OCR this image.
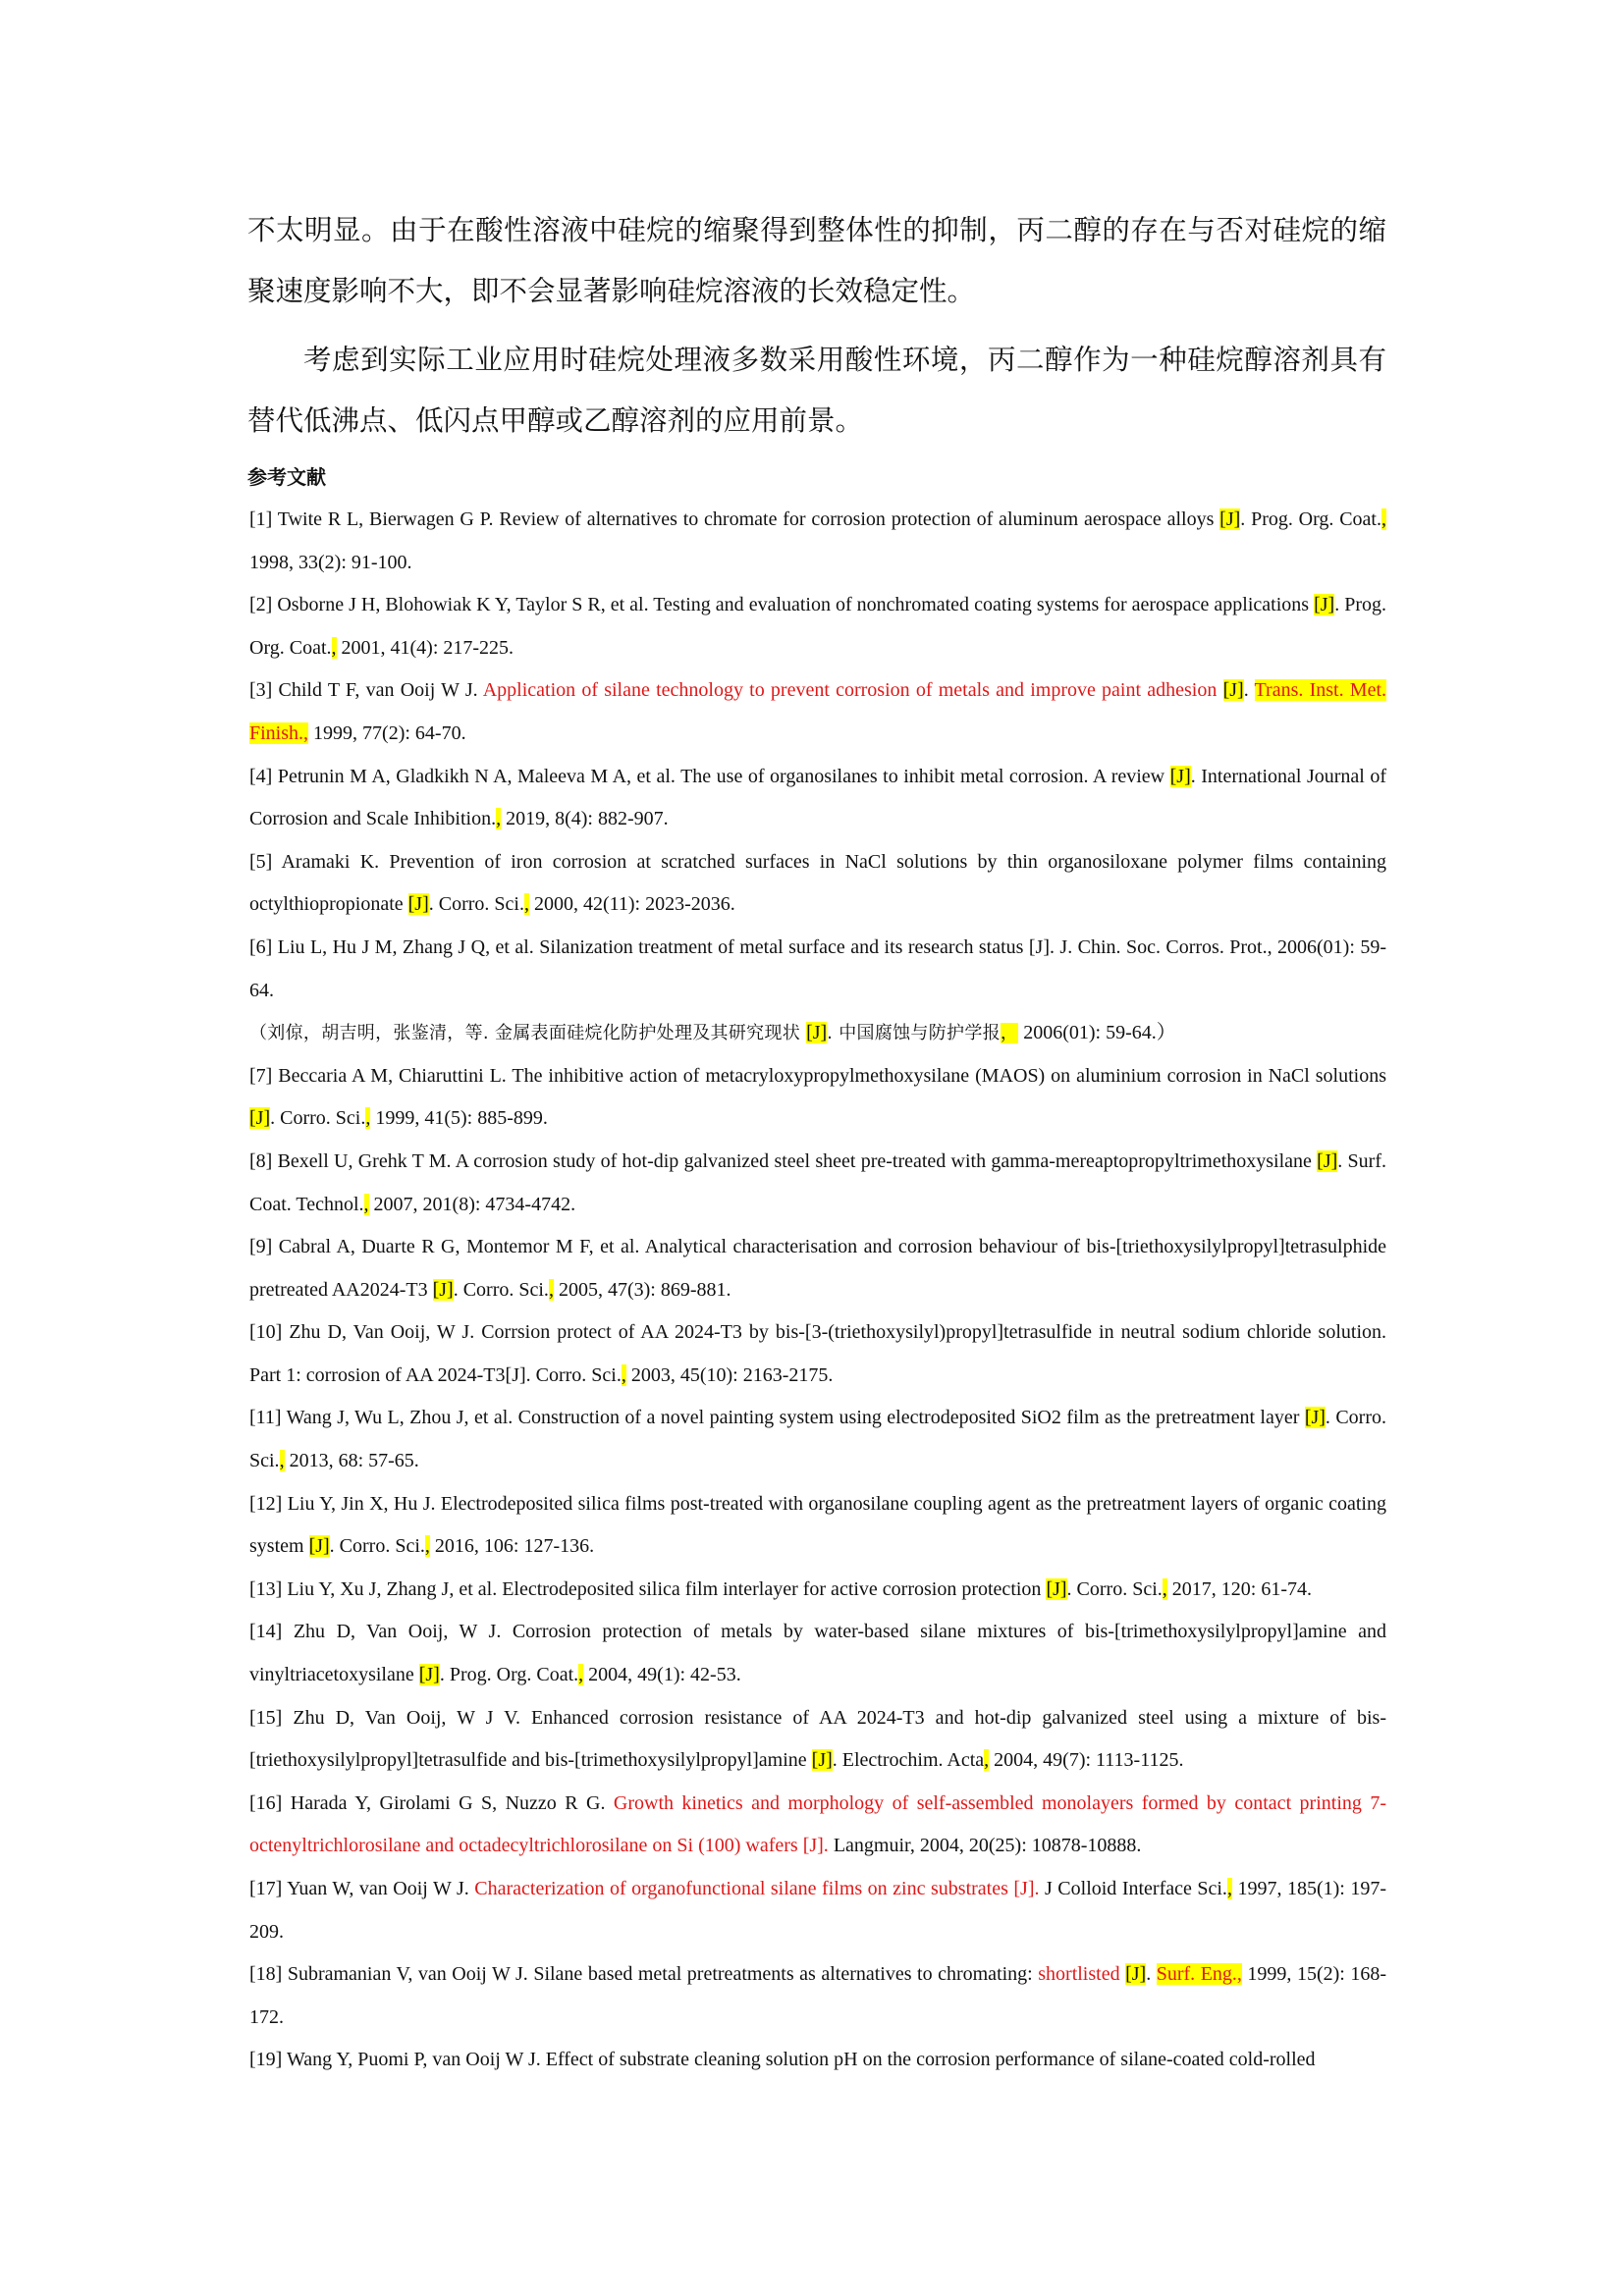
不太明显。由于在酸性溶液中硅烷的缩聚得到整体性的抑制，丙二醇的存在与否对硅烷的缩聚速度影响不大，即不会显著影响硅烷溶液的长效稳定性。

考虑到实际工业应用时硅烷处理液多数采用酸性环境，丙二醇作为一种硅烷醇溶剂具有替代低沸点、低闪点甲醇或乙醇溶剂的应用前景。

参考文献

[1] Twite R L, Bierwagen G P. Review of alternatives to chromate for corrosion protection of aluminum aerospace alloys [J]. Prog. Org. Coat., 1998, 33(2): 91-100.

[2] Osborne J H, Blohowiak K Y, Taylor S R, et al. Testing and evaluation of nonchromated coating systems for aerospace applications [J]. Prog. Org. Coat., 2001, 41(4): 217-225.

[3] Child T F, van Ooij W J. Application of silane technology to prevent corrosion of metals and improve paint adhesion [J]. Trans. Inst. Met. Finish., 1999, 77(2): 64-70.

[4] Petrunin M A, Gladkikh N A, Maleeva M A, et al. The use of organosilanes to inhibit metal corrosion. A review [J]. International Journal of Corrosion and Scale Inhibition., 2019, 8(4): 882-907.

[5] Aramaki K. Prevention of iron corrosion at scratched surfaces in NaCl solutions by thin organosiloxane polymer films containing octylthiopropionate [J]. Corro. Sci., 2000, 42(11): 2023-2036.

[6] Liu L, Hu J M, Zhang J Q, et al. Silanization treatment of metal surface and its research status [J]. J. Chin. Soc. Corros. Prot., 2006(01): 59-64.

（刘倞，胡吉明，张鉴清，等. 金属表面硅烷化防护处理及其研究现状 [J]. 中国腐蚀与防护学报， 2006(01): 59-64.）

[7] Beccaria A M, Chiaruttini L. The inhibitive action of metacryloxypropylmethoxysilane (MAOS) on aluminium corrosion in NaCl solutions [J]. Corro. Sci., 1999, 41(5): 885-899.

[8] Bexell U, Grehk T M. A corrosion study of hot-dip galvanized steel sheet pre-treated with gamma-mereaptopropyltrimethoxysilane [J]. Surf. Coat. Technol., 2007, 201(8): 4734-4742.

[9] Cabral A, Duarte R G, Montemor M F, et al. Analytical characterisation and corrosion behaviour of bis-[triethoxysilylpropyl]tetrasulphide pretreated AA2024-T3 [J]. Corro. Sci., 2005, 47(3): 869-881.

[10] Zhu D, Van Ooij, W J. Corrsion protect of AA 2024-T3 by bis-[3-(triethoxysilyl)propyl]tetrasulfide in neutral sodium chloride solution. Part 1: corrosion of AA 2024-T3[J]. Corro. Sci., 2003, 45(10): 2163-2175.

[11] Wang J, Wu L, Zhou J, et al. Construction of a novel painting system using electrodeposited SiO2 film as the pretreatment layer [J]. Corro. Sci., 2013, 68: 57-65.

[12] Liu Y, Jin X, Hu J. Electrodeposited silica films post-treated with organosilane coupling agent as the pretreatment layers of organic coating system [J]. Corro. Sci., 2016, 106: 127-136.

[13] Liu Y, Xu J, Zhang J, et al. Electrodeposited silica film interlayer for active corrosion protection [J]. Corro. Sci., 2017, 120: 61-74.

[14] Zhu D, Van Ooij, W J. Corrosion protection of metals by water-based silane mixtures of bis-[trimethoxysilylpropyl]amine and vinyltriacetoxysilane [J]. Prog. Org. Coat., 2004, 49(1): 42-53.

[15] Zhu D, Van Ooij, W J V. Enhanced corrosion resistance of AA 2024-T3 and hot-dip galvanized steel using a mixture of bis-[triethoxysilylpropyl]tetrasulfide and bis-[trimethoxysilylpropyl]amine [J]. Electrochim. Acta, 2004, 49(7): 1113-1125.

[16] Harada Y, Girolami G S, Nuzzo R G. Growth kinetics and morphology of self-assembled monolayers formed by contact printing 7-octenyltrichlorosilane and octadecyltrichlorosilane on Si (100) wafers [J]. Langmuir, 2004, 20(25): 10878-10888.

[17] Yuan W, van Ooij W J. Characterization of organofunctional silane films on zinc substrates [J]. J Colloid Interface Sci., 1997, 185(1): 197-209.

[18] Subramanian V, van Ooij W J. Silane based metal pretreatments as alternatives to chromating: shortlisted [J]. Surf. Eng., 1999, 15(2): 168-172.

[19] Wang Y, Puomi P, van Ooij W J. Effect of substrate cleaning solution pH on the corrosion performance of silane-coated cold-rolled
